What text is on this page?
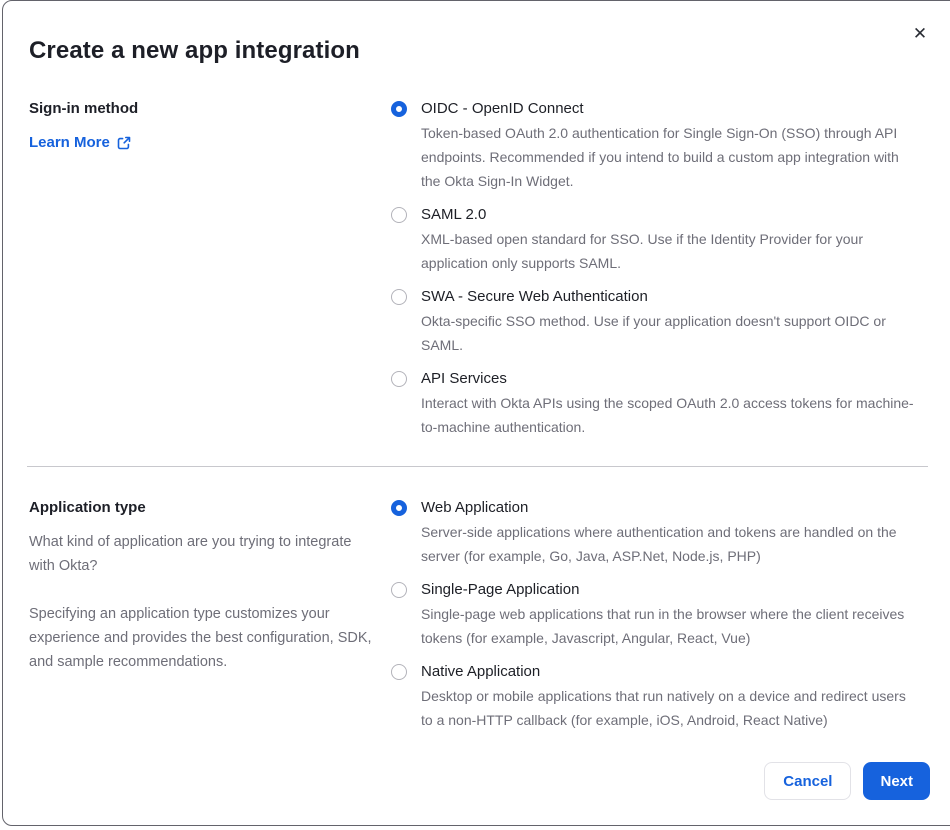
✕
Create a new app integration

Sign-in method

Learn More
OIDC - OpenID Connect
Token-based OAuth 2.0 authentication for Single Sign-On (SSO) through API endpoints. Recommended if you intend to build a custom app integration with the Okta Sign-In Widget.
SAML 2.0
XML-based open standard for SSO. Use if the Identity Provider for your application only supports SAML.
SWA - Secure Web Authentication
Okta-specific SSO method. Use if your application doesn't support OIDC or SAML.
API Services
Interact with Okta APIs using the scoped OAuth 2.0 access tokens for machine-to-machine authentication.

Application type

What kind of application are you trying to integrate with Okta?

Specifying an application type customizes your experience and provides the best configuration, SDK, and sample recommendations.

Web Application
Server-side applications where authentication and tokens are handled on the server (for example, Go, Java, ASP.Net, Node.js, PHP)
Single-Page Application
Single-page web applications that run in the browser where the client receives tokens (for example, Javascript, Angular, React, Vue)
Native Application
Desktop or mobile applications that run natively on a device and redirect users to a non-HTTP callback (for example, iOS, Android, React Native)
Cancel	Next
